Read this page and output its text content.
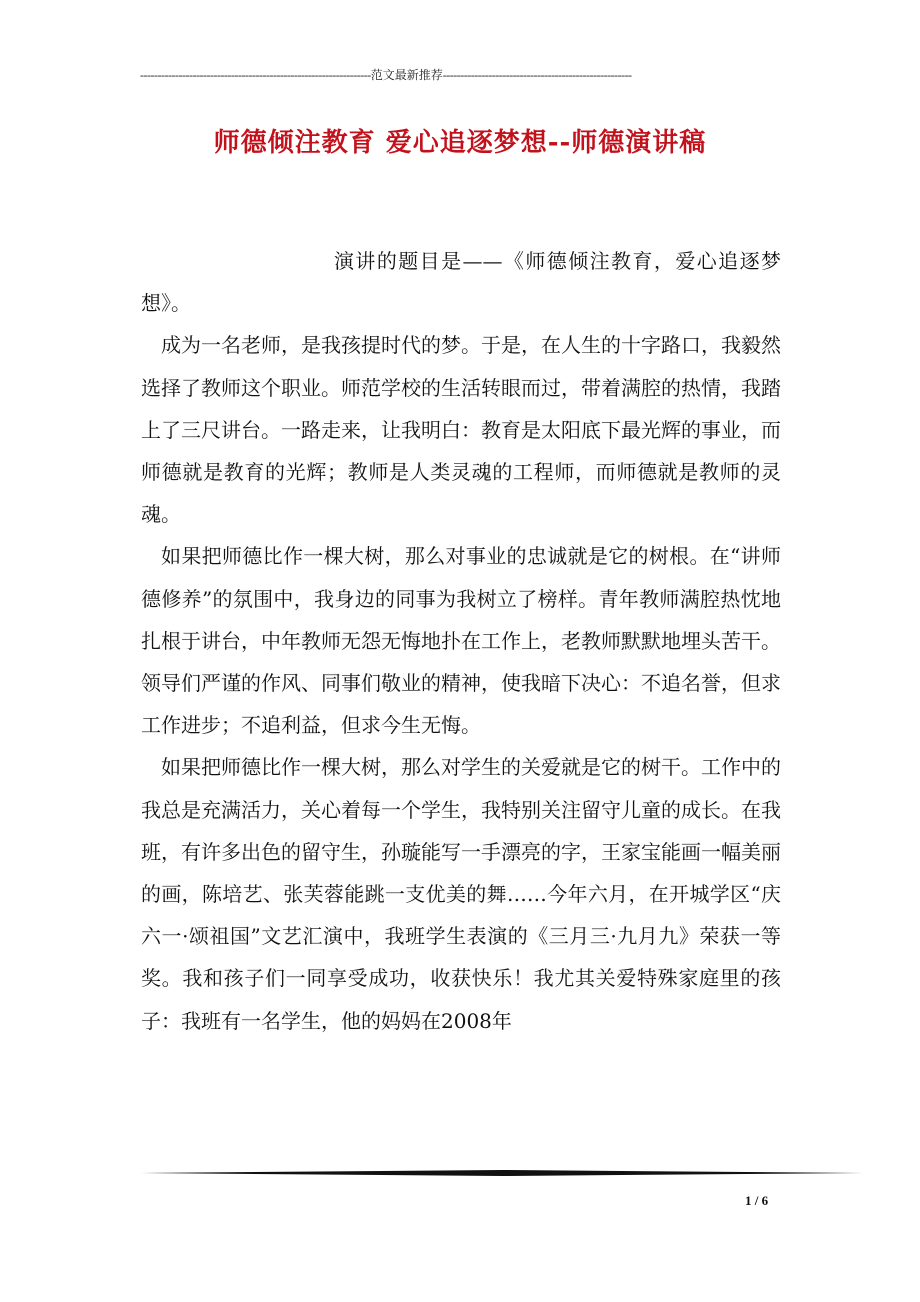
------------------------------------------------------------------范文最新推荐------------------------------------------------------
师德倾注教育 爱心追逐梦想--师德演讲稿

演讲的题目是——《师德倾注教育，爱心追逐梦想》。

成为一名老师，是我孩提时代的梦。于是，在人生的十字路口，我毅然选择了教师这个职业。师范学校的生活转眼而过，带着满腔的热情，我踏上了三尺讲台。一路走来，让我明白：教育是太阳底下最光辉的事业，而师德就是教育的光辉；教师是人类灵魂的工程师，而师德就是教师的灵魂。

如果把师德比作一棵大树，那么对事业的忠诚就是它的树根。在“讲师德修养”的氛围中，我身边的同事为我树立了榜样。青年教师满腔热忱地扎根于讲台，中年教师无怨无悔地扑在工作上，老教师默默地埋头苦干。领导们严谨的作风、同事们敬业的精神，使我暗下决心：不追名誉，但求工作进步；不追利益，但求今生无悔。

如果把师德比作一棵大树，那么对学生的关爱就是它的树干。工作中的我总是充满活力，关心着每一个学生，我特别关注留守儿童的成长。在我班，有许多出色的留守生，孙璇能写一手漂亮的字，王家宝能画一幅美丽的画，陈培艺、张芙蓉能跳一支优美的舞……今年六月，在开城学区“庆六一·颂祖国”文艺汇演中，我班学生表演的《三月三·九月九》荣获一等奖。我和孩子们一同享受成功，收获快乐！我尤其关爱特殊家庭里的孩子：我班有一名学生，他的妈妈在2008年

1 / 6
